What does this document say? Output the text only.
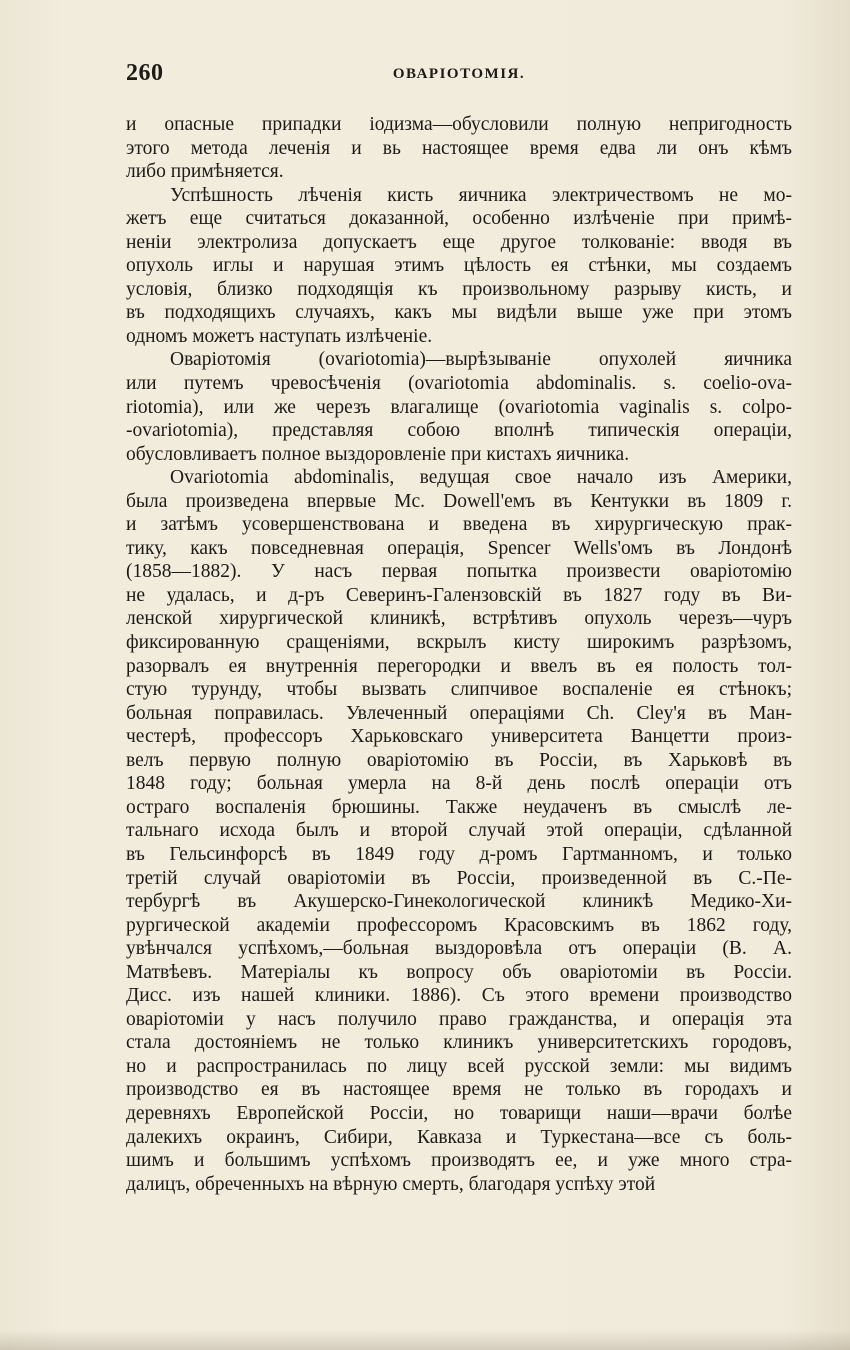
260	ОВАРІОТОМІЯ.
и опасные припадки іодизма—обусловили полную непригодность
этого метода леченія и вь настоящее время едва ли онъ кѣмъ
либо примѣняется.
Успѣшность лѣченія кисть яичника электричествомъ не мо-
жетъ еще считаться доказанной, особенно излѣченіе при примѣ-
неніи электролиза допускаетъ еще другое толкованіе: вводя въ
опухоль иглы и нарушая этимъ цѣлость ея стѣнки, мы создаемъ
условія, близко подходящія къ произвольному разрыву кисть, и
въ подходящихъ случаяхъ, какъ мы видѣли выше уже при этомъ
одномъ можетъ наступать излѣченіе.
Оваріотомія (ovariotomia)—вырѣзываніе опухолей яичника
или путемъ чревосѣченія (ovariotomia abdominalis. s. coelio-ova-
riotomia), или же черезъ влагалище (ovariotomia vaginalis s. colpo-
-ovariotomia), представляя собою вполнѣ типическія операціи,
обусловливаетъ полное выздоровленіе при кистахъ яичника.
Ovariotomia abdominalis, ведущая свое начало изъ Америки,
была произведена впервые Mc. Dowell'емъ въ Кентукки въ 1809 г.
и затѣмъ усовершенствована и введена въ хирургическую прак-
тику, какъ повседневная операція, Spencer Wells'омъ въ Лондонѣ
(1858—1882). У насъ первая попытка произвести оваріотомію
не удалась, и д-ръ Северинъ-Галензовскій въ 1827 году въ Ви-
ленской хирургической клиникѣ, встрѣтивъ опухоль черезъ—чуръ
фиксированную сращеніями, вскрылъ кисту широкимъ разрѣзомъ,
разорвалъ ея внутреннія перегородки и ввелъ въ ея полость тол-
стую турунду, чтобы вызвать слипчивое воспаленіе ея стѣнокъ;
больная поправилась. Увлеченный операціями Ch. Cley'я въ Ман-
честерѣ, профессоръ Харьковскаго университета Ванцетти произ-
велъ первую полную оваріотомію въ Россіи, въ Харьковѣ въ
1848 году; больная умерла на 8-й день послѣ операціи отъ
остраго воспаленія брюшины. Также неудаченъ въ смыслѣ ле-
тальнаго исхода былъ и второй случай этой операціи, сдѣланной
въ Гельсинфорсѣ въ 1849 году д-ромъ Гартманномъ, и только
третій случай оваріотоміи въ Россіи, произведенной въ С.-Пе-
тербургѣ въ Акушерско-Гинекологической клиникѣ Медико-Хи-
рургической академіи профессоромъ Красовскимъ въ 1862 году,
увѣнчался успѣхомъ,—больная выздоровѣла отъ операціи (В. А.
Матвѣевъ. Матеріалы къ вопросу объ оваріотоміи въ Россіи.
Дисс. изъ нашей клиники. 1886). Съ этого времени производство
оваріотоміи у насъ получило право гражданства, и операція эта
стала достояніемъ не только клиникъ университетскихъ городовъ,
но и распространилась по лицу всей русской земли: мы видимъ
производство ея въ настоящее время не только въ городахъ и
деревняхъ Европейской Россіи, но товарищи наши—врачи болѣе
далекихъ окраинъ, Сибири, Кавказа и Туркестана—все съ боль-
шимъ и большимъ успѣхомъ производятъ ее, и уже много стра-
далицъ, обреченныхъ на вѣрную смерть, благодаря успѣху этой
